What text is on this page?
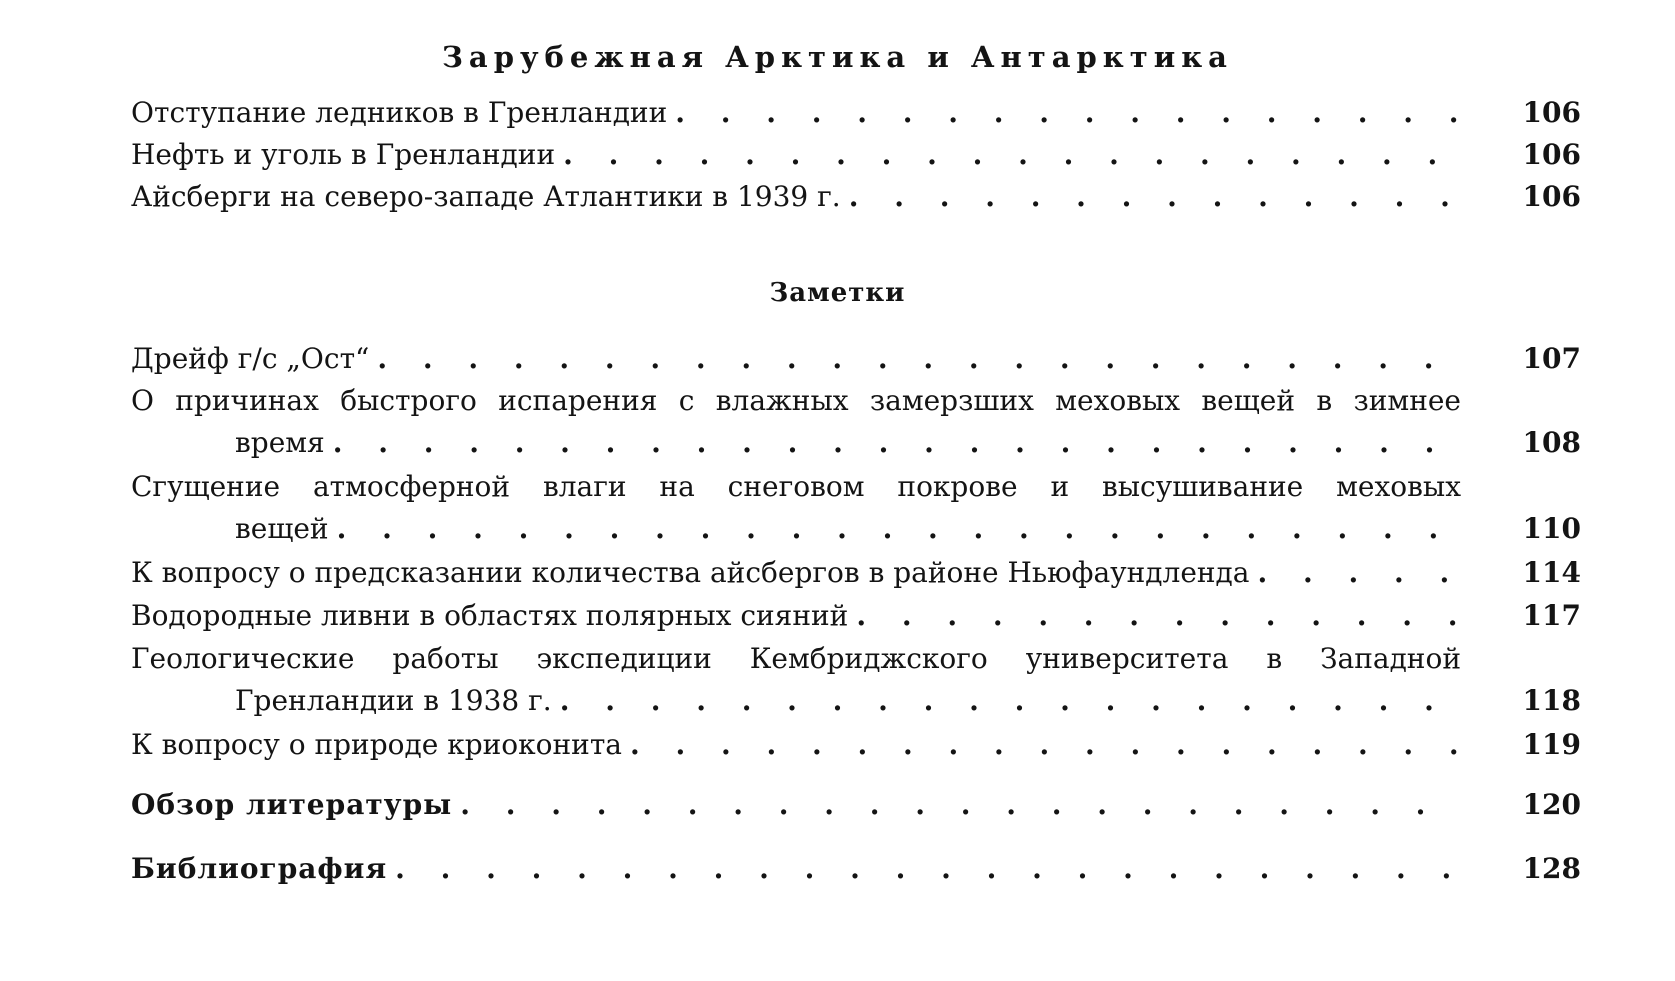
Зарубежная Арктика и Антарктика
Отступание ледников в Гренландии . . .	106
Нефть и уголь в Гренландии . . .	106
Айсберги на северо-западе Атлантики в 1939 г. . . .	106
Заметки
Дрейф г/с „Ост“ . . .	107
О причинах быстрого испарения с влажных замерзших меховых вещей в зимнее
время . . .	108
Сгущение атмосферной влаги на снеговом покрове и высушивание меховых
вещей . . .	110
К вопросу о предсказании количества айсбергов в районе Ньюфаундленда . . .	114
Водородные ливни в областях полярных сияний . . .	117
Геологические работы экспедиции Кембриджского университета в Западной
Гренландии в 1938 г. . . .	118
К вопросу о природе криоконита . . .	119
Обзор литературы . . .	120
Библиография . . .	128
